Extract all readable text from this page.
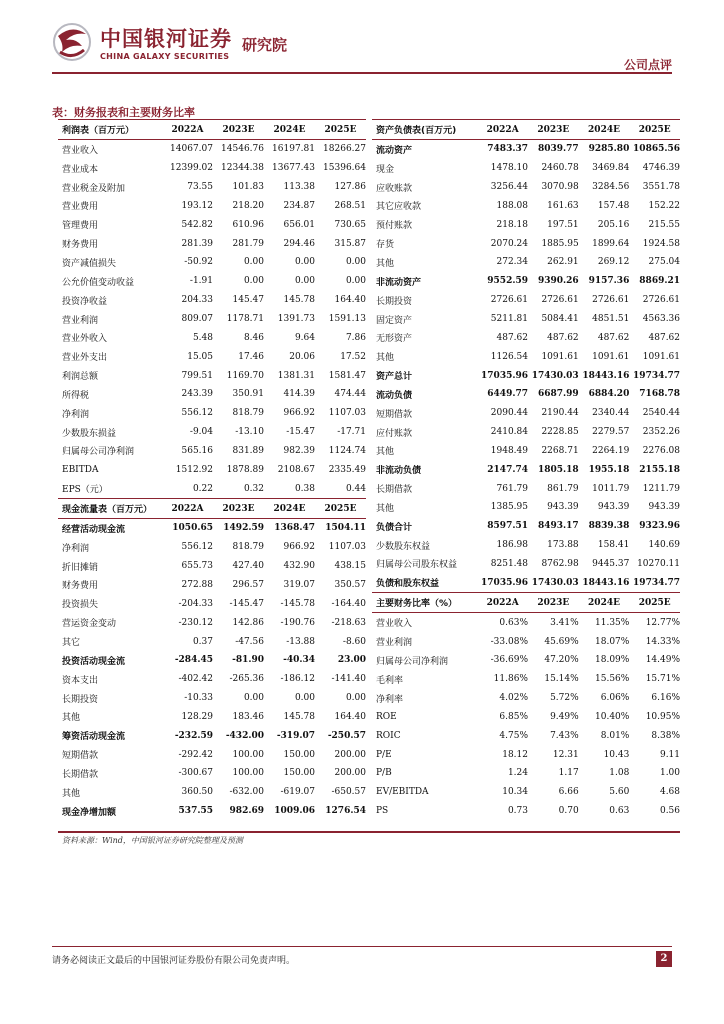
中国银河证券
CHINA GALAXY SECURITIES
研究院
公司点评
表：财务报表和主要财务比率
利润表（百万元）	2022A	2023E	2024E	2025E
营业收入	14067.07 14546.76 16197.81 18266.27
营业成本	12399.02 12344.38 13677.43 15396.64
营业税金及附加	73.55	101.83	113.38	127.86
营业费用	193.12	218.20	234.87	268.51
管理费用	542.82	610.96	656.01	730.65
财务费用	281.39	281.79	294.46	315.87
资产减值损失	-50.92	0.00	0.00	0.00
公允价值变动收益	-1.91	0.00	0.00	0.00
投资净收益	204.33	145.47	145.78	164.40
营业利润	809.07	1178.71	1391.73	1591.13
营业外收入	5.48	8.46	9.64	7.86
营业外支出	15.05	17.46	20.06	17.52
利润总额	799.51	1169.70	1381.31	1581.47
所得税	243.39	350.91	414.39	474.44
净利润	556.12	818.79	966.92	1107.03
少数股东损益	-9.04	-13.10	-15.47	-17.71
归属母公司净利润	565.16	831.89	982.39	1124.74
EBITDA	1512.92	1878.89	2108.67	2335.49
EPS（元）	0.22	0.32	0.38	0.44
现金流量表（百万元）	2022A	2023E	2024E	2025E
经营活动现金流	1050.65	1492.59	1368.47	1504.11
净利润	556.12	818.79	966.92	1107.03
折旧摊销	655.73	427.40	432.90	438.15
财务费用	272.88	296.57	319.07	350.57
投资损失	-204.33	-145.47	-145.78	-164.40
营运资金变动	-230.12	142.86	-190.76	-218.63
其它	0.37	-47.56	-13.88	-8.60
投资活动现金流	-284.45	-81.90	-40.34	23.00
资本支出	-402.42	-265.36	-186.12	-141.40
长期投资	-10.33	0.00	0.00	0.00
其他	128.29	183.46	145.78	164.40
筹资活动现金流	-232.59	-432.00	-319.07	-250.57
短期借款	-292.42	100.00	150.00	200.00
长期借款	-300.67	100.00	150.00	200.00
其他	360.50	-632.00	-619.07	-650.57
现金净增加额	537.55	982.69	1009.06	1276.54
资产负债表(百万元)	2022A	2023E	2024E	2025E
流动资产	7483.37	8039.77	9285.80 10865.56
现金	1478.10	2460.78	3469.84	4746.39
应收账款	3256.44	3070.98	3284.56	3551.78
其它应收款	188.08	161.63	157.48	152.22
预付账款	218.18	197.51	205.16	215.55
存货	2070.24	1885.95	1899.64	1924.58
其他	272.34	262.91	269.12	275.04
非流动资产	9552.59	9390.26	9157.36	8869.21
长期投资	2726.61	2726.61	2726.61	2726.61
固定资产	5211.81	5084.41	4851.51	4563.36
无形资产	487.62	487.62	487.62	487.62
其他	1126.54	1091.61	1091.61	1091.61
资产总计	17035.96 17430.03 18443.16 19734.77
流动负债	6449.77	6687.99	6884.20	7168.78
短期借款	2090.44	2190.44	2340.44	2540.44
应付账款	2410.84	2228.85	2279.57	2352.26
其他	1948.49	2268.71	2264.19	2276.08
非流动负债	2147.74	1805.18	1955.18	2155.18
长期借款	761.79	861.79	1011.79	1211.79
其他	1385.95	943.39	943.39	943.39
负债合计	8597.51	8493.17	8839.38	9323.96
少数股东权益	186.98	173.88	158.41	140.69
归属母公司股东权益	8251.48	8762.98	9445.37 10270.11
负债和股东权益	17035.96 17430.03 18443.16 19734.77
主要财务比率（%）	2022A	2023E	2024E	2025E
营业收入	0.63%	3.41%	11.35%	12.77%
营业利润	-33.08%	45.69%	18.07%	14.33%
归属母公司净利润	-36.69%	47.20%	18.09%	14.49%
毛利率	11.86%	15.14%	15.56%	15.71%
净利率	4.02%	5.72%	6.06%	6.16%
ROE	6.85%	9.49%	10.40%	10.95%
ROIC	4.75%	7.43%	8.01%	8.38%
P/E	18.12	12.31	10.43	9.11
P/B	1.24	1.17	1.08	1.00
EV/EBITDA	10.34	6.66	5.60	4.68
PS	0.73	0.70	0.63	0.56
资料来源：Wind，中国银河证券研究院整理及预测
请务必阅读正文最后的中国银河证券股份有限公司免责声明。	2
